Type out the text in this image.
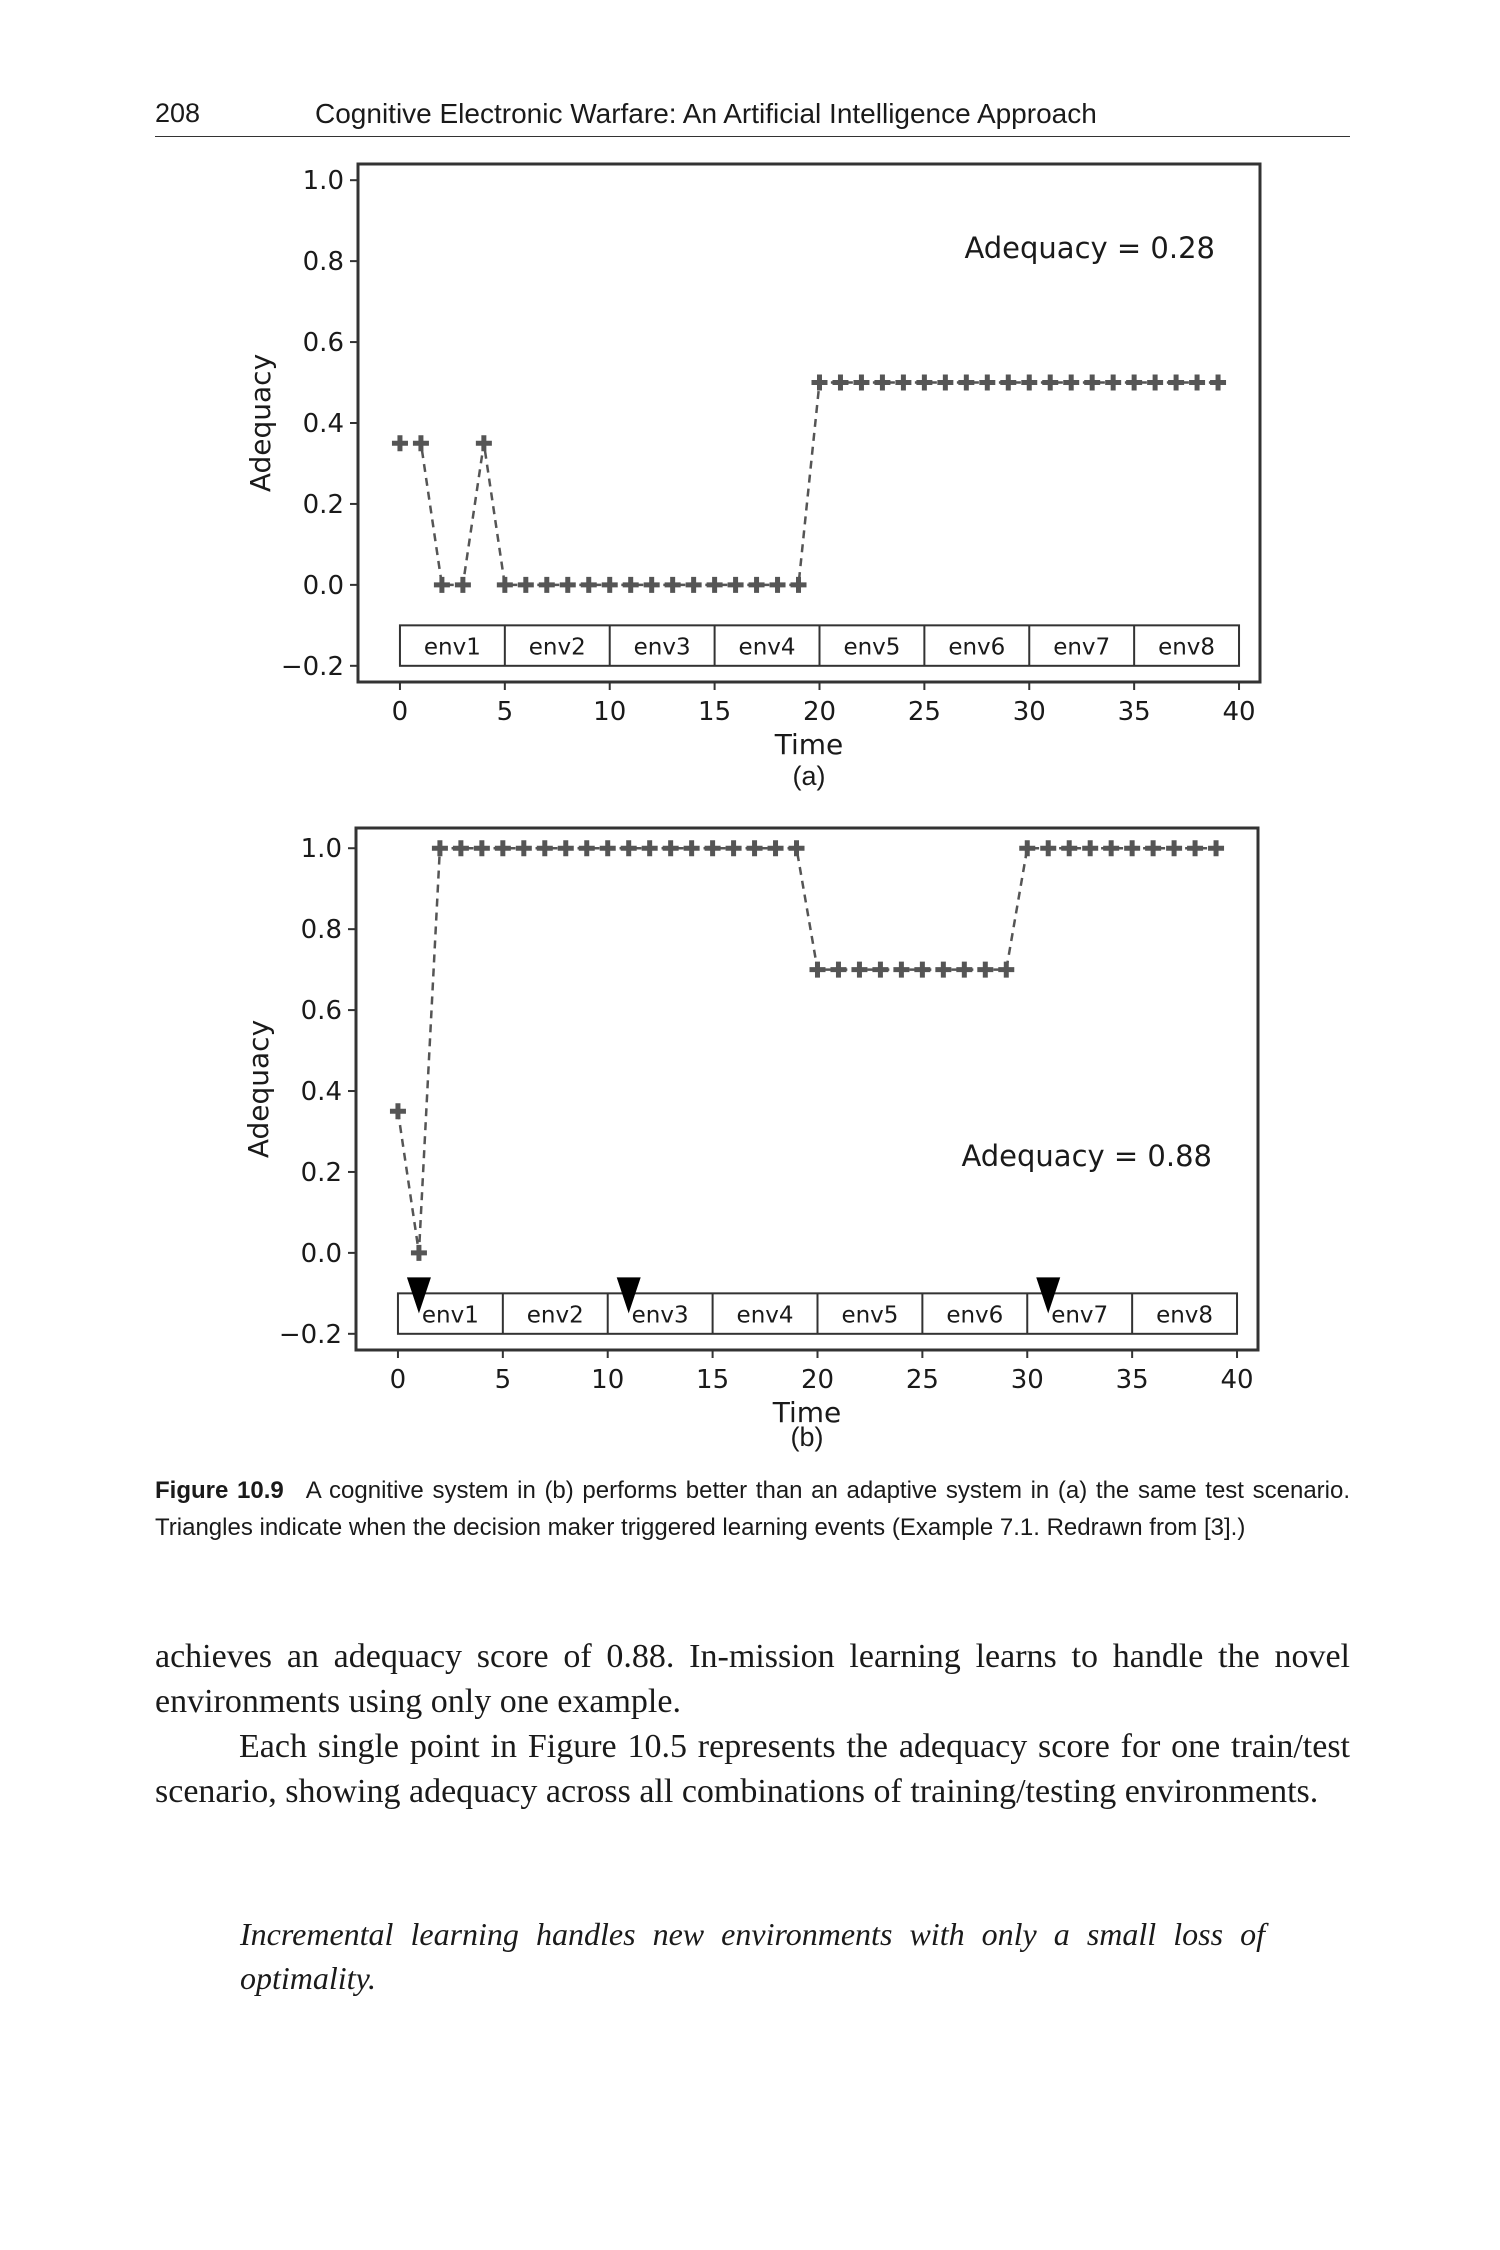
208	Cognitive Electronic Warfare: An Artificial Intelligence Approach
−0.2
0.0
0.2
0.4
0.6
0.8
1.0
0	5	10	15	20	25	30	35	40
Time
Adequacy
env1 env2 env3 env4 env5 env6 env7 env8
Adequacy = 0.28
(a)
−0.2
0.0
0.2
0.4
0.6
0.8
1.0
0	5	10	15	20	25	30	35	40
Time
Adequacy
env1 env2 env3 env4 env5 env6 env7 env8
Adequacy = 0.88
(b)
Figure 10.9 A cognitive system in (b) performs better than an adaptive system in (a) the same test scenario. Triangles indicate when the decision maker triggered learning events (Example 7.1. Redrawn from [3].)

achieves an adequacy score of 0.88. In-mission learning learns to handle the novel environments using only one example.

Each single point in Figure 10.5 represents the adequacy score for one train/test scenario, showing adequacy across all combinations of training/testing environments.

Incremental learning handles new environments with only a small loss of optimality.
